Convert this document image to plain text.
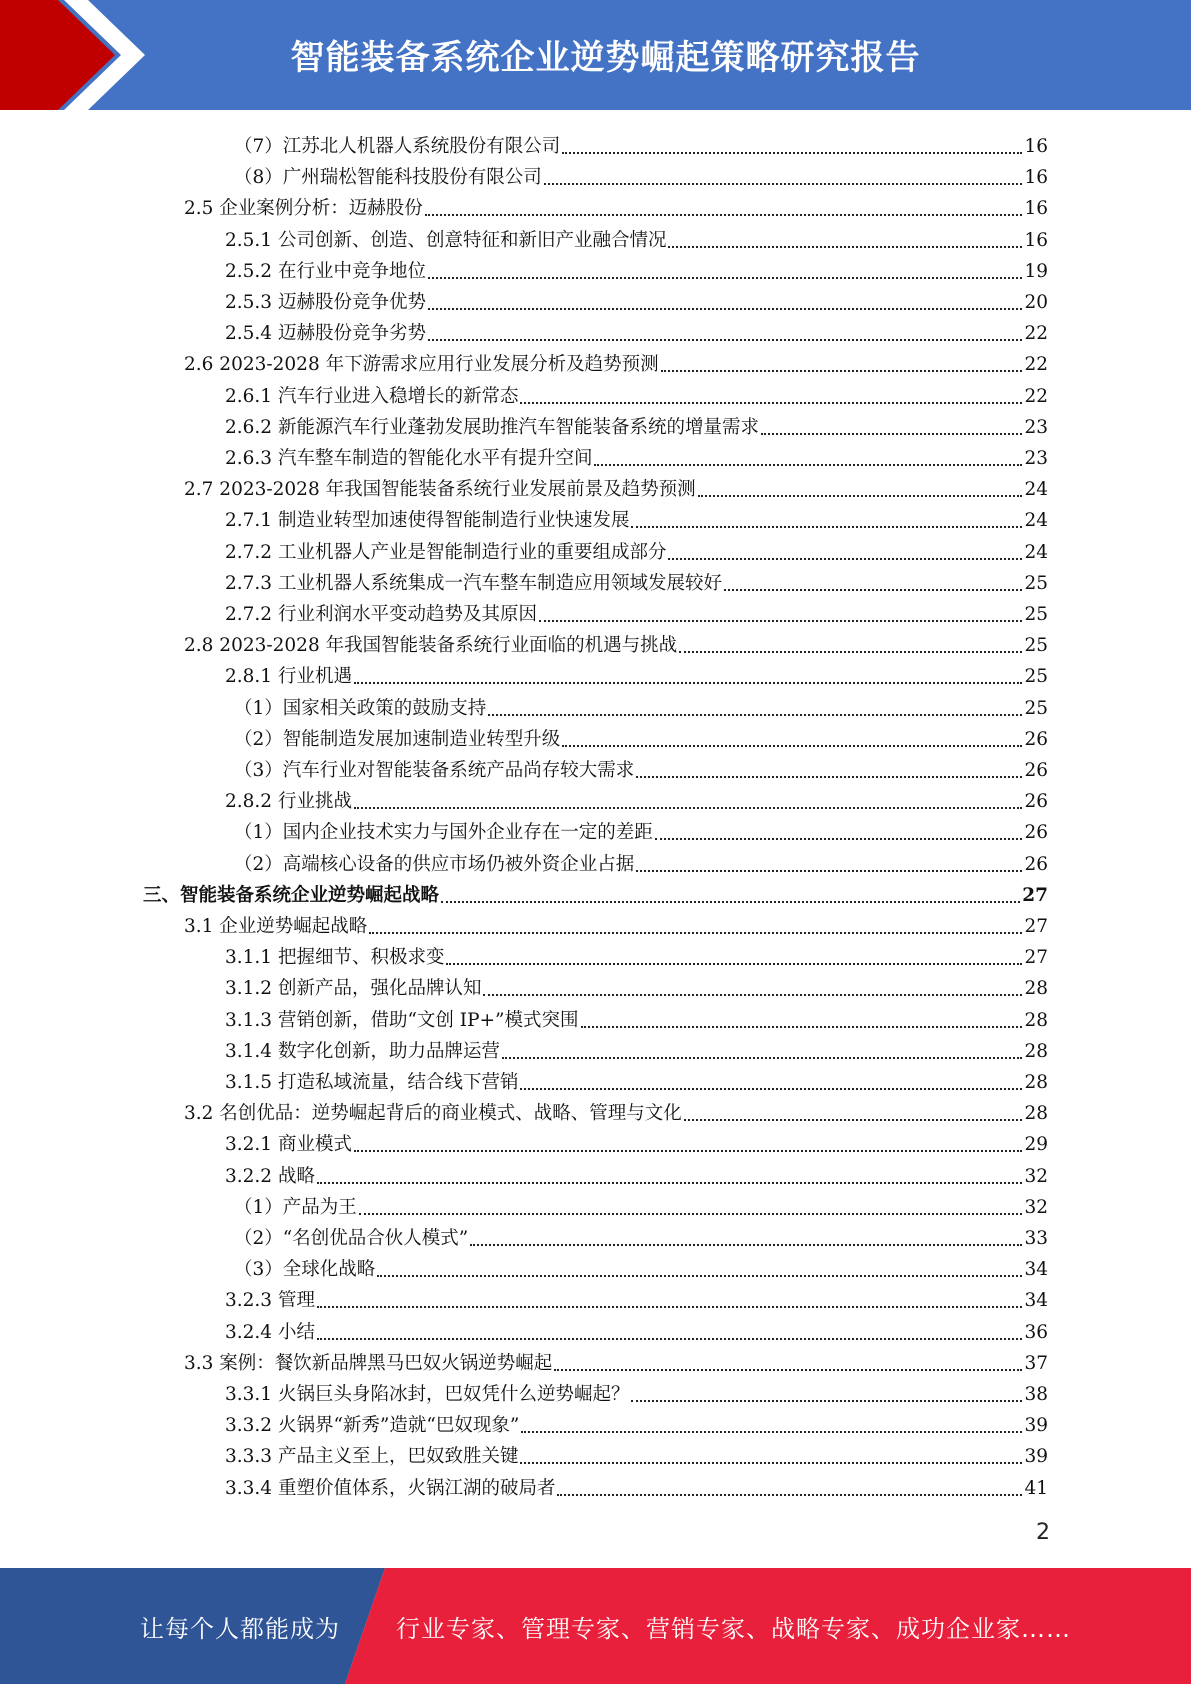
智能装备系统企业逆势崛起策略研究报告
（7）江苏北人机器人系统股份有限公司	16
（8）广州瑞松智能科技股份有限公司	16
2.5 企业案例分析：迈赫股份	16
2.5.1 公司创新、创造、创意特征和新旧产业融合情况	16
2.5.2 在行业中竞争地位	19
2.5.3 迈赫股份竞争优势	20
2.5.4 迈赫股份竞争劣势	22
2.6 2023-2028 年下游需求应用行业发展分析及趋势预测	22
2.6.1 汽车行业进入稳增长的新常态	22
2.6.2 新能源汽车行业蓬勃发展助推汽车智能装备系统的增量需求	23
2.6.3 汽车整车制造的智能化水平有提升空间	23
2.7 2023-2028 年我国智能装备系统行业发展前景及趋势预测	24
2.7.1 制造业转型加速使得智能制造行业快速发展	24
2.7.2 工业机器人产业是智能制造行业的重要组成部分	24
2.7.3 工业机器人系统集成一汽车整车制造应用领域发展较好	25
2.7.2 行业利润水平变动趋势及其原因	25
2.8 2023-2028 年我国智能装备系统行业面临的机遇与挑战	25
2.8.1 行业机遇	25
（1）国家相关政策的鼓励支持	25
（2）智能制造发展加速制造业转型升级	26
（3）汽车行业对智能装备系统产品尚存较大需求	26
2.8.2 行业挑战	26
（1）国内企业技术实力与国外企业存在一定的差距	26
（2）高端核心设备的供应市场仍被外资企业占据	26
三、智能装备系统企业逆势崛起战略	27
3.1 企业逆势崛起战略	27
3.1.1 把握细节、积极求变	27
3.1.2 创新产品，强化品牌认知	28
3.1.3 营销创新，借助“文创 IP+”模式突围	28
3.1.4 数字化创新，助力品牌运营	28
3.1.5 打造私域流量，结合线下营销	28
3.2 名创优品：逆势崛起背后的商业模式、战略、管理与文化	28
3.2.1 商业模式	29
3.2.2 战略	32
（1）产品为王	32
（2）“名创优品合伙人模式”	33
（3）全球化战略	34
3.2.3 管理	34
3.2.4 小结	36
3.3 案例：餐饮新品牌黑马巴奴火锅逆势崛起	37
3.3.1 火锅巨头身陷冰封，巴奴凭什么逆势崛起？	38
3.3.2 火锅界“新秀”造就“巴奴现象”	39
3.3.3 产品主义至上，巴奴致胜关键	39
3.3.4 重塑价值体系，火锅江湖的破局者	41
2
让每个人都能成为 行业专家、管理专家、营销专家、战略专家、成功企业家……
